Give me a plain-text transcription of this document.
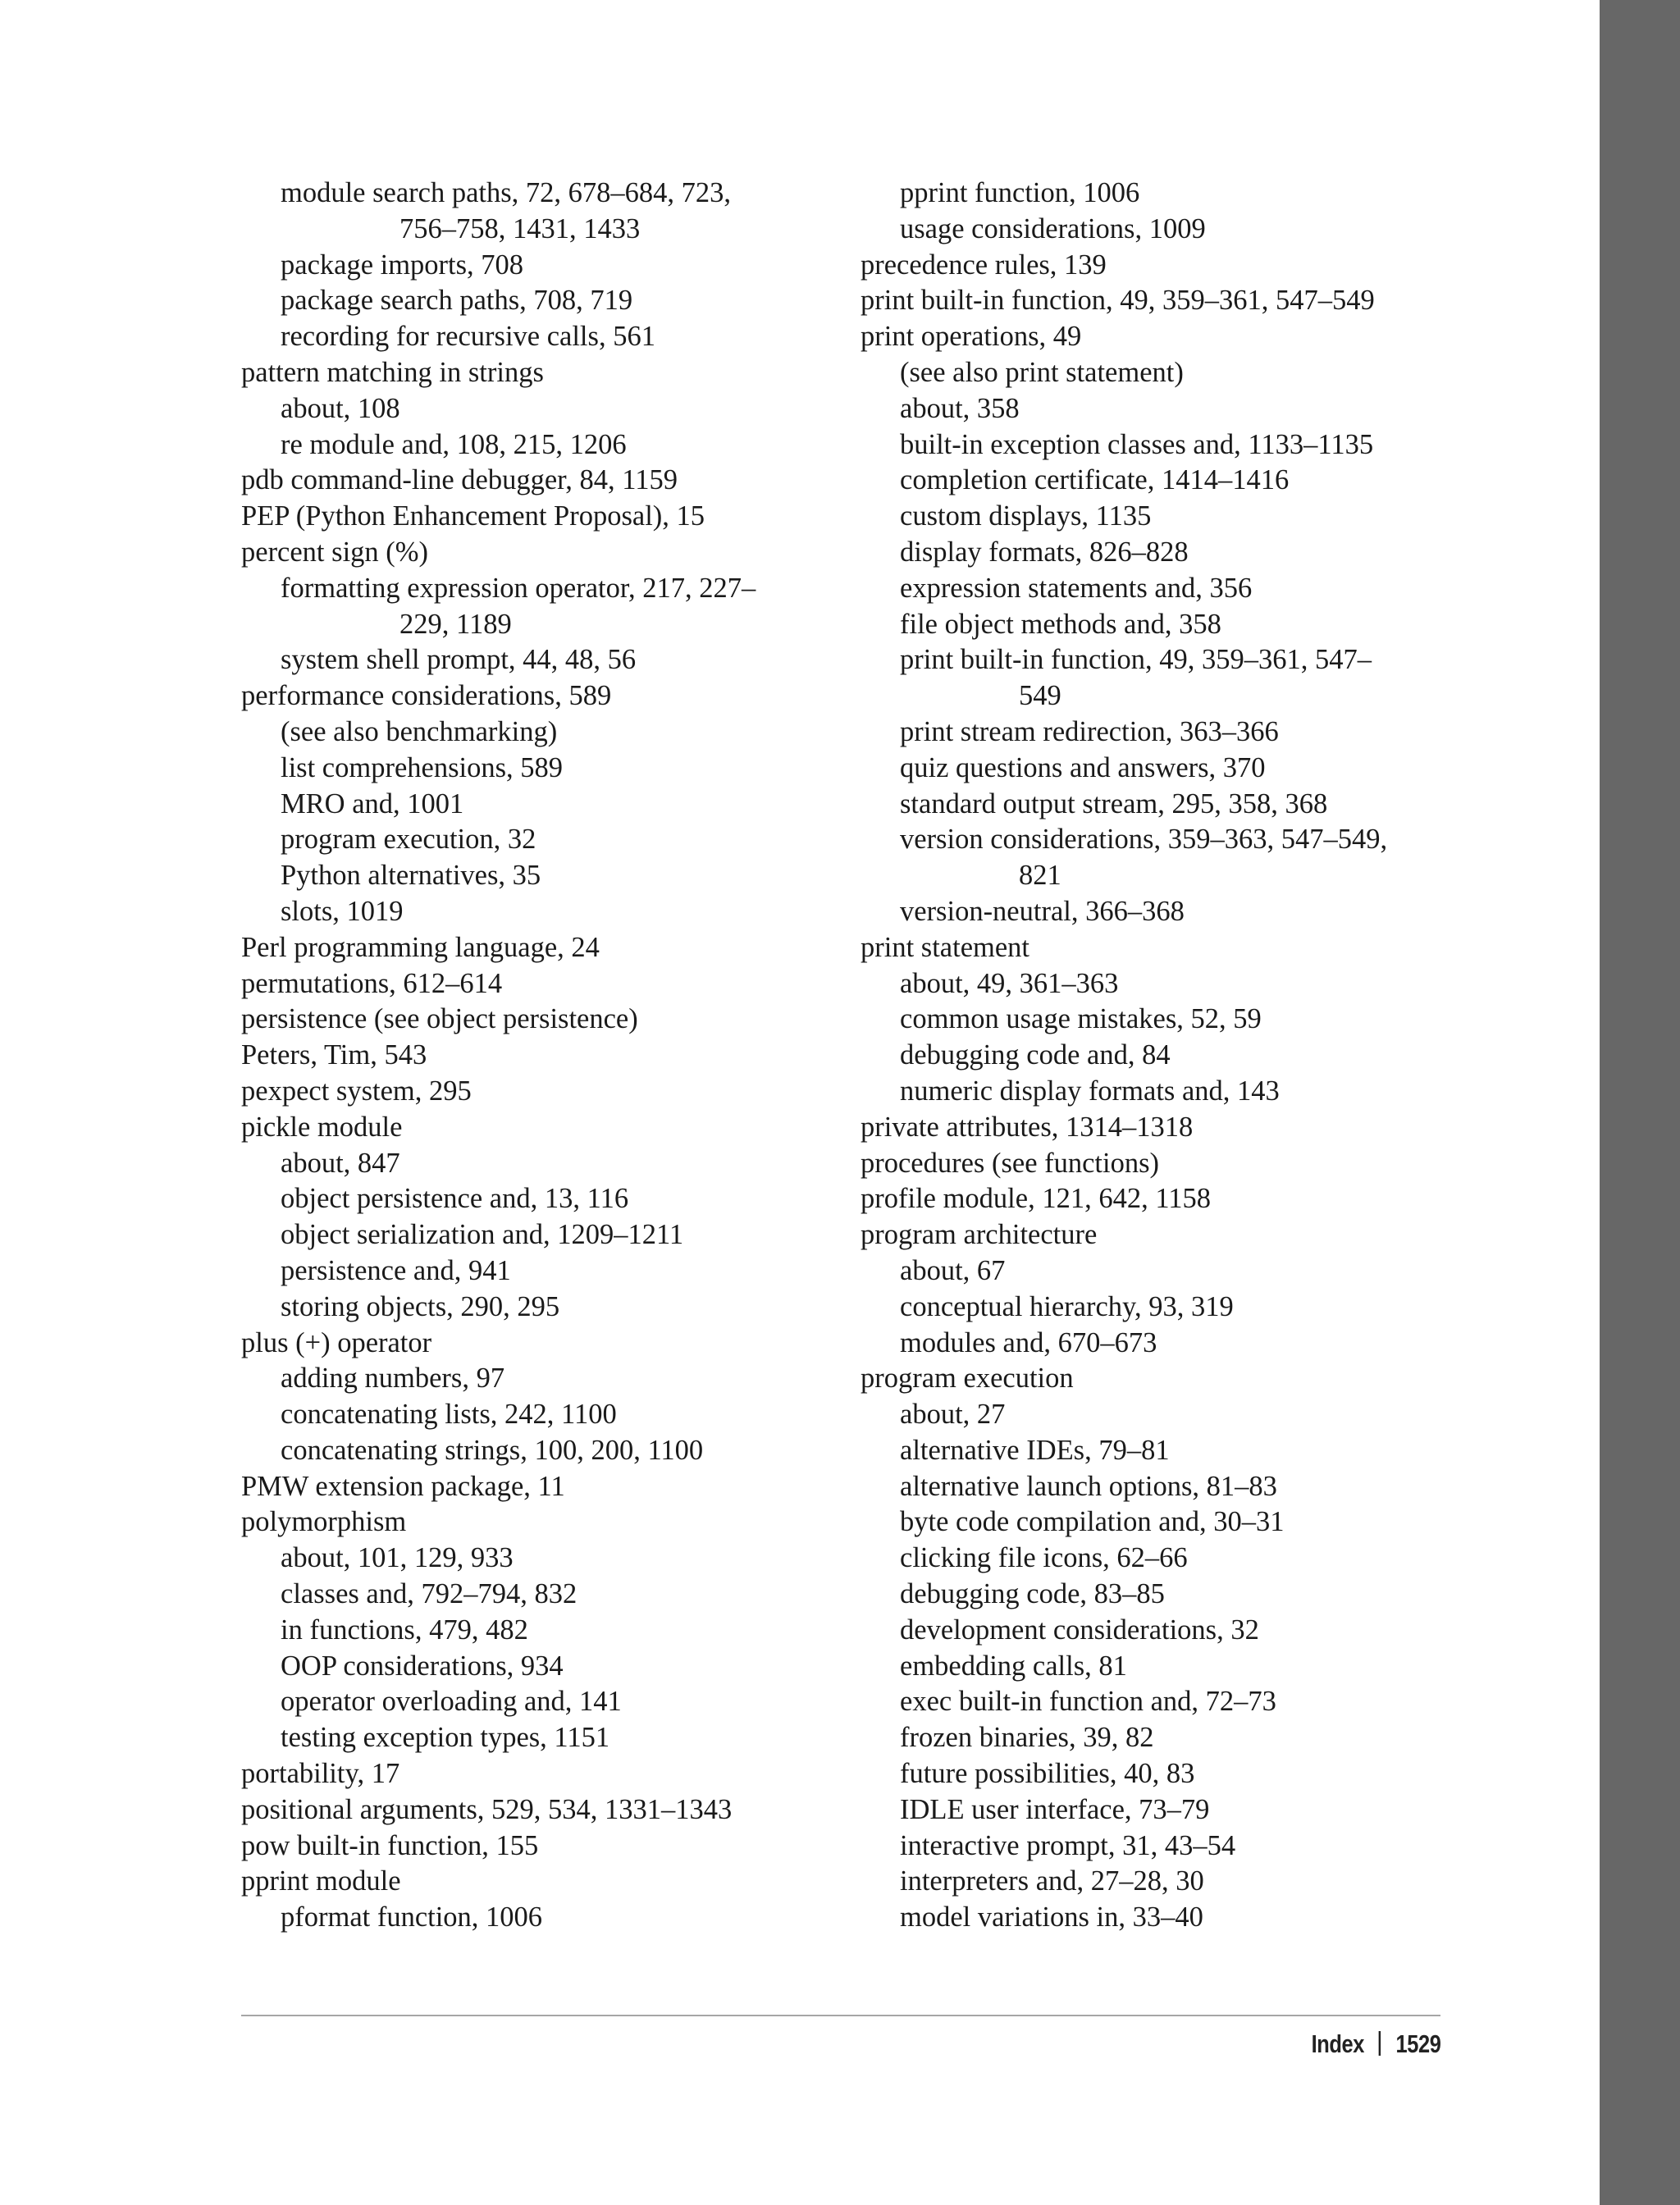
module search paths, 72, 678–684, 723,
756–758, 1431, 1433
package imports, 708
package search paths, 708, 719
recording for recursive calls, 561
pattern matching in strings
about, 108
re module and, 108, 215, 1206
pdb command-line debugger, 84, 1159
PEP (Python Enhancement Proposal), 15
percent sign (%)
formatting expression operator, 217, 227–
229, 1189
system shell prompt, 44, 48, 56
performance considerations, 589
(see also benchmarking)
list comprehensions, 589
MRO and, 1001
program execution, 32
Python alternatives, 35
slots, 1019
Perl programming language, 24
permutations, 612–614
persistence (see object persistence)
Peters, Tim, 543
pexpect system, 295
pickle module
about, 847
object persistence and, 13, 116
object serialization and, 1209–1211
persistence and, 941
storing objects, 290, 295
plus (+) operator
adding numbers, 97
concatenating lists, 242, 1100
concatenating strings, 100, 200, 1100
PMW extension package, 11
polymorphism
about, 101, 129, 933
classes and, 792–794, 832
in functions, 479, 482
OOP considerations, 934
operator overloading and, 141
testing exception types, 1151
portability, 17
positional arguments, 529, 534, 1331–1343
pow built-in function, 155
pprint module
pformat function, 1006
pprint function, 1006
usage considerations, 1009
precedence rules, 139
print built-in function, 49, 359–361, 547–549
print operations, 49
(see also print statement)
about, 358
built-in exception classes and, 1133–1135
completion certificate, 1414–1416
custom displays, 1135
display formats, 826–828
expression statements and, 356
file object methods and, 358
print built-in function, 49, 359–361, 547–
549
print stream redirection, 363–366
quiz questions and answers, 370
standard output stream, 295, 358, 368
version considerations, 359–363, 547–549,
821
version-neutral, 366–368
print statement
about, 49, 361–363
common usage mistakes, 52, 59
debugging code and, 84
numeric display formats and, 143
private attributes, 1314–1318
procedures (see functions)
profile module, 121, 642, 1158
program architecture
about, 67
conceptual hierarchy, 93, 319
modules and, 670–673
program execution
about, 27
alternative IDEs, 79–81
alternative launch options, 81–83
byte code compilation and, 30–31
clicking file icons, 62–66
debugging code, 83–85
development considerations, 32
embedding calls, 81
exec built-in function and, 72–73
frozen binaries, 39, 82
future possibilities, 40, 83
IDLE user interface, 73–79
interactive prompt, 31, 43–54
interpreters and, 27–28, 30
model variations in, 33–40
Index 1529
